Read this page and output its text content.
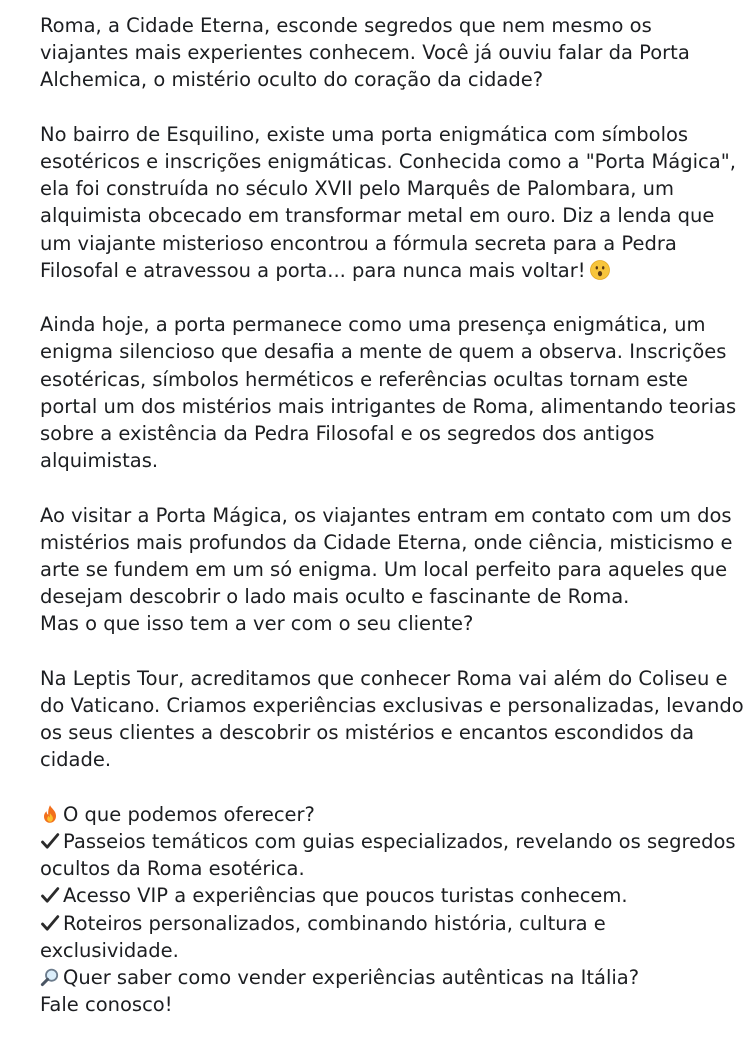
Roma, a Cidade Eterna, esconde segredos que nem mesmo os
viajantes mais experientes conhecem. Você já ouviu falar da Porta
Alchemica, o mistério oculto do coração da cidade?

No bairro de Esquilino, existe uma porta enigmática com símbolos
esotéricos e inscrições enigmáticas. Conhecida como a "Porta Mágica",
ela foi construída no século XVII pelo Marquês de Palombara, um
alquimista obcecado em transformar metal em ouro. Diz a lenda que
um viajante misterioso encontrou a fórmula secreta para a Pedra
Filosofal e atravessou a porta... para nunca mais voltar!

Ainda hoje, a porta permanece como uma presença enigmática, um
enigma silencioso que desafia a mente de quem a observa. Inscrições
esotéricas, símbolos herméticos e referências ocultas tornam este
portal um dos mistérios mais intrigantes de Roma, alimentando teorias
sobre a existência da Pedra Filosofal e os segredos dos antigos
alquimistas.

Ao visitar a Porta Mágica, os viajantes entram em contato com um dos
mistérios mais profundos da Cidade Eterna, onde ciência, misticismo e
arte se fundem em um só enigma. Um local perfeito para aqueles que
desejam descobrir o lado mais oculto e fascinante de Roma.
Mas o que isso tem a ver com o seu cliente?

Na Leptis Tour, acreditamos que conhecer Roma vai além do Coliseu e
do Vaticano. Criamos experiências exclusivas e personalizadas, levando
os seus clientes a descobrir os mistérios e encantos escondidos da
cidade.

O que podemos oferecer?
Passeios temáticos com guias especializados, revelando os segredos
ocultos da Roma esotérica.
Acesso VIP a experiências que poucos turistas conhecem.
Roteiros personalizados, combinando história, cultura e
exclusividade.
Quer saber como vender experiências autênticas na Itália?
Fale conosco!
